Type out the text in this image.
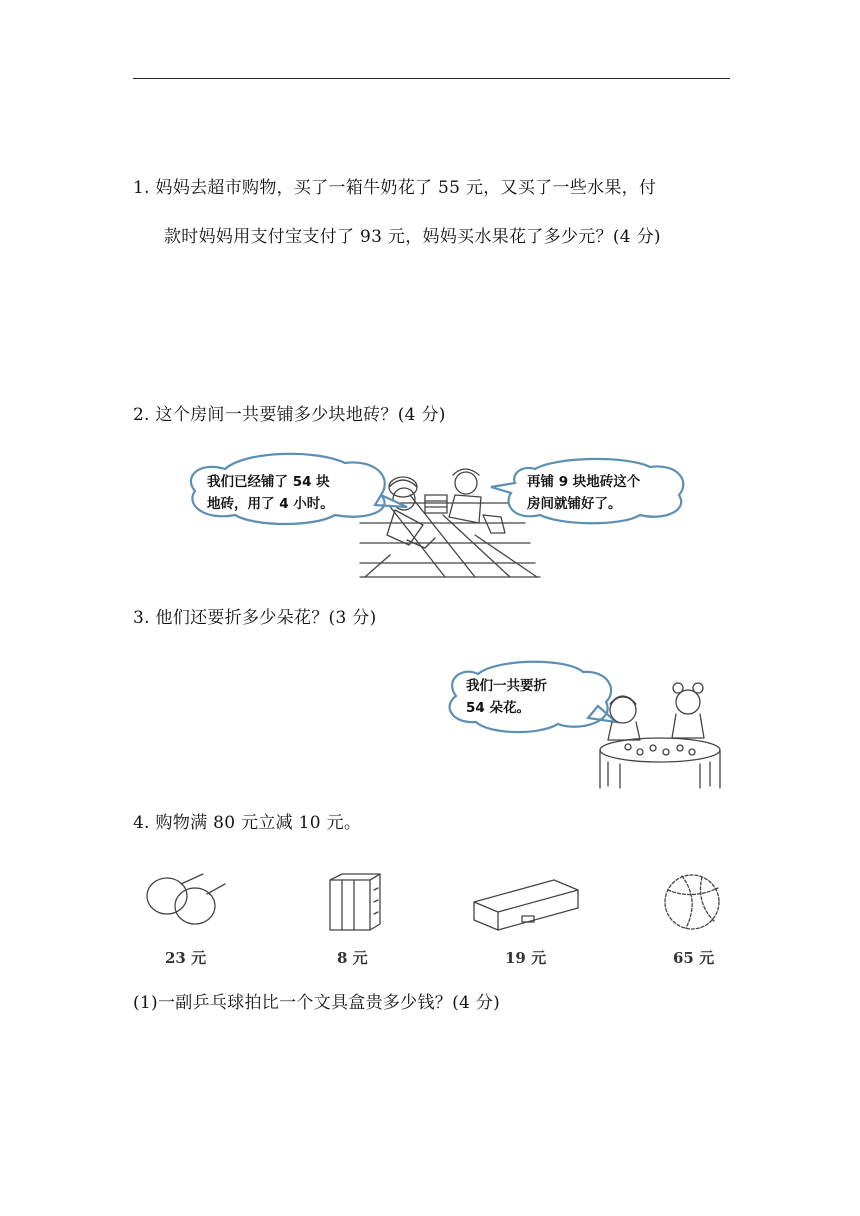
1. 妈妈去超市购物，买了一箱牛奶花了 55 元，又买了一些水果，付
款时妈妈用支付宝支付了 93 元，妈妈买水果花了多少元？(4 分)
2. 这个房间一共要铺多少块地砖？(4 分)
我们已经铺了 54 块
地砖，用了 4 小时。
再铺 9 块地砖这个
房间就铺好了。
3. 他们还要折多少朵花？(3 分)
我们一共要折
54 朵花。
4. 购物满 80 元立减 10 元。
23 元	8 元	19 元	65 元
(1)一副乒乓球拍比一个文具盒贵多少钱？(4 分)
